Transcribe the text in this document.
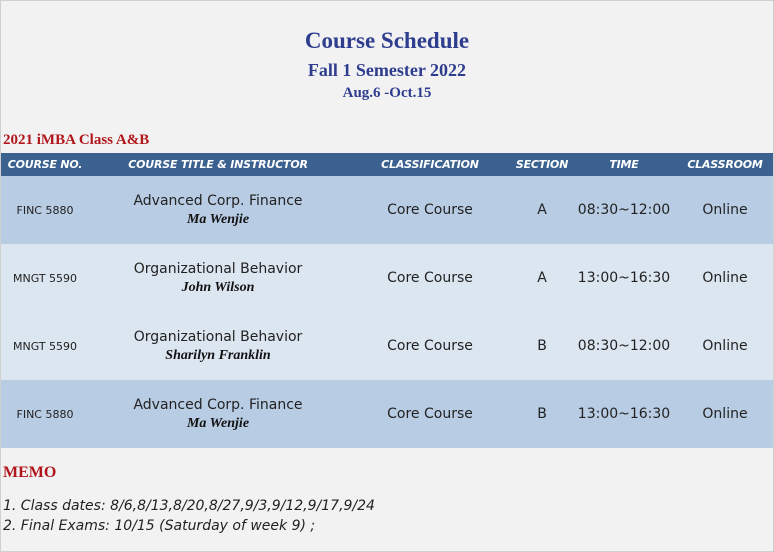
Course Schedule
Fall 1 Semester 2022
Aug.6 -Oct.15
2021 iMBA Class A&B
COURSE NO.	COURSE TITLE & INSTRUCTOR	CLASSIFICATION	SECTION	TIME	CLASSROOM
FINC 5880	Advanced Corp. Finance
Ma Wenjie	Core Course	A	08:30~12:00	Online
MNGT 5590	Organizational Behavior
John Wilson	Core Course	A	13:00~16:30	Online
MNGT 5590	Organizational Behavior
Sharilyn Franklin	Core Course	B	08:30~12:00	Online
FINC 5880	Advanced Corp. Finance
Ma Wenjie	Core Course	B	13:00~16:30	Online
MEMO
1. Class dates: 8/6,8/13,8/20,8/27,9/3,9/12,9/17,9/24
2. Final Exams: 10/15 (Saturday of week 9) ;
